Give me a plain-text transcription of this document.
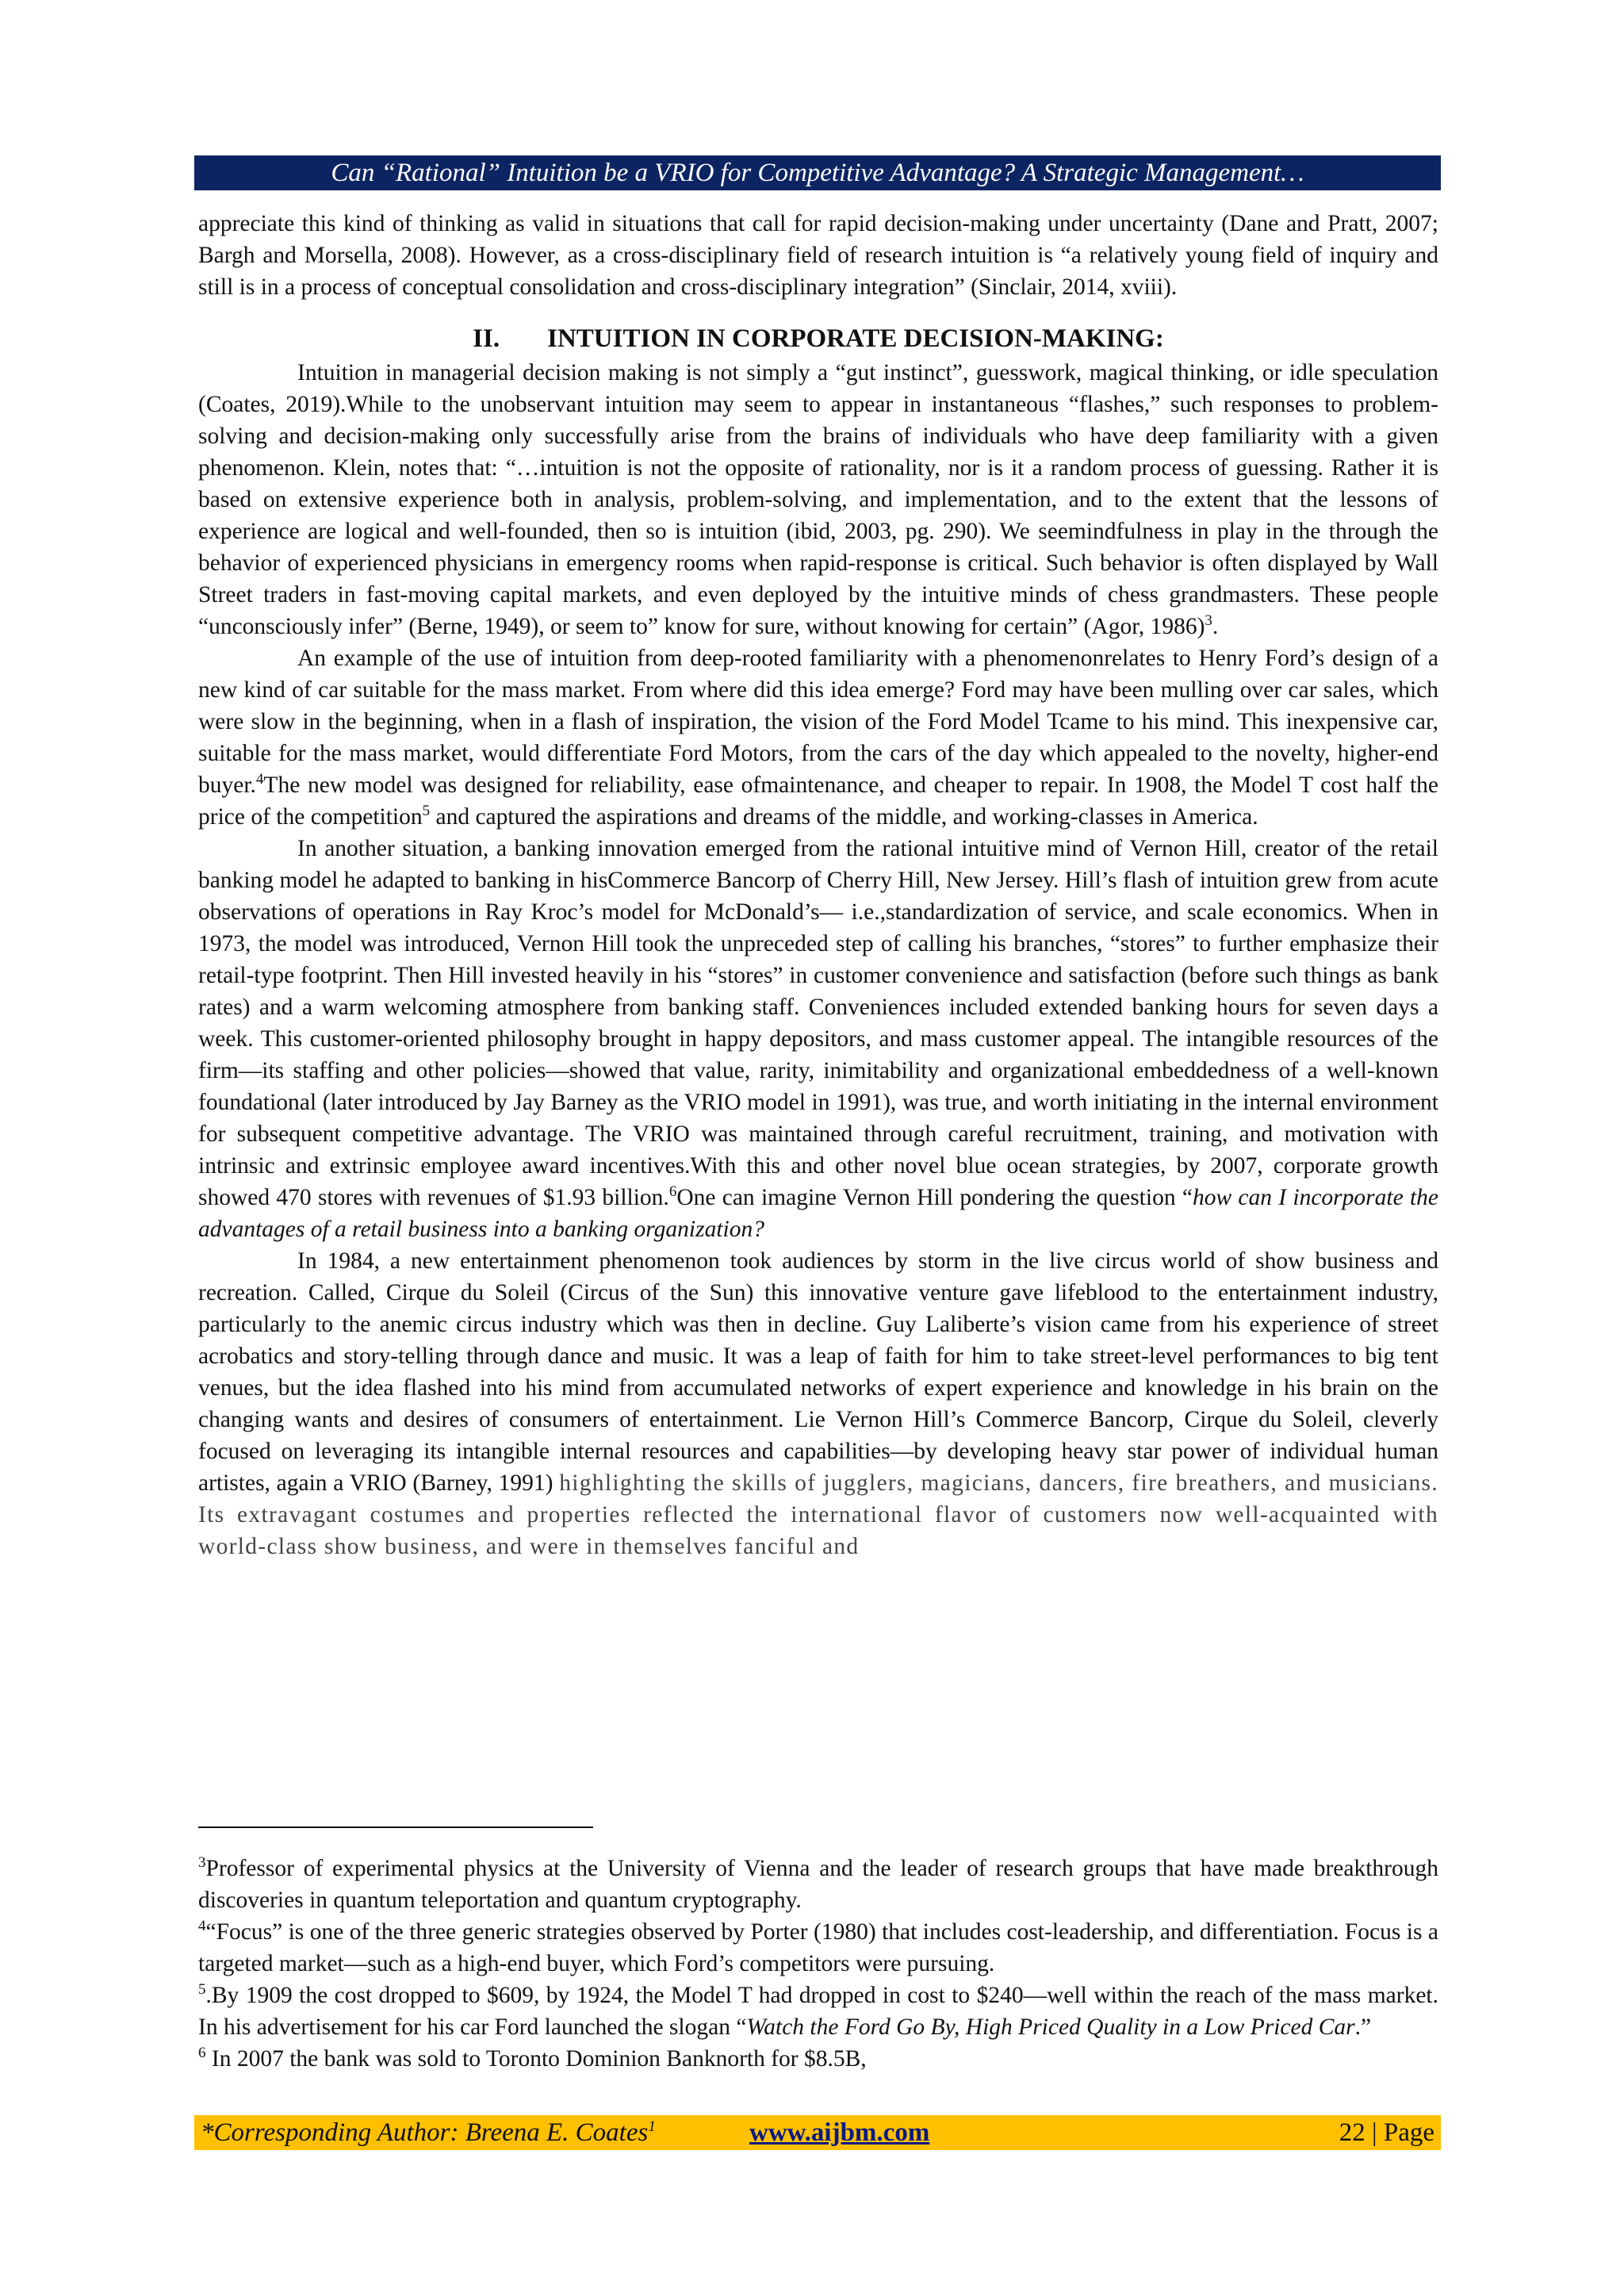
Can “Rational” Intuition be a VRIO for Competitive Advantage? A Strategic Management…

appreciate this kind of thinking as valid in situations that call for rapid decision-making under uncertainty (Dane and Pratt, 2007; Bargh and Morsella, 2008). However, as a cross-disciplinary field of research intuition is “a relatively young field of inquiry and still is in a process of conceptual consolidation and cross-disciplinary integration” (Sinclair, 2014, xviii).

II. INTUITION IN CORPORATE DECISION-MAKING:

Intuition in managerial decision making is not simply a “gut instinct”, guesswork, magical thinking, or idle speculation (Coates, 2019).While to the unobservant intuition may seem to appear in instantaneous “flashes,” such responses to problem-solving and decision-making only successfully arise from the brains of individuals who have deep familiarity with a given phenomenon. Klein, notes that: “…intuition is not the opposite of rationality, nor is it a random process of guessing. Rather it is based on extensive experience both in analysis, problem-solving, and implementation, and to the extent that the lessons of experience are logical and well-founded, then so is intuition (ibid, 2003, pg. 290). We seemindfulness in play in the through the behavior of experienced physicians in emergency rooms when rapid-response is critical. Such behavior is often displayed by Wall Street traders in fast-moving capital markets, and even deployed by the intuitive minds of chess grandmasters. These people “unconsciously infer” (Berne, 1949), or seem to” know for sure, without knowing for certain” (Agor, 1986)$^3$.

An example of the use of intuition from deep-rooted familiarity with a phenomenonrelates to Henry Ford’s design of a new kind of car suitable for the mass market. From where did this idea emerge? Ford may have been mulling over car sales, which were slow in the beginning, when in a flash of inspiration, the vision of the Ford Model Tcame to his mind. This inexpensive car, suitable for the mass market, would differentiate Ford Motors, from the cars of the day which appealed to the novelty, higher-end buyer.$^4$The new model was designed for reliability, ease ofmaintenance, and cheaper to repair. In 1908, the Model T cost half the price of the competition$^5$ and captured the aspirations and dreams of the middle, and working-classes in America.

In another situation, a banking innovation emerged from the rational intuitive mind of Vernon Hill, creator of the retail banking model he adapted to banking in hisCommerce Bancorp of Cherry Hill, New Jersey. Hill’s flash of intuition grew from acute observations of operations in Ray Kroc’s model for McDonald’s— i.e.,standardization of service, and scale economics. When in 1973, the model was introduced, Vernon Hill took the unpreceded step of calling his branches, “stores” to further emphasize their retail-type footprint. Then Hill invested heavily in his “stores” in customer convenience and satisfaction (before such things as bank rates) and a warm welcoming atmosphere from banking staff. Conveniences included extended banking hours for seven days a week. This customer-oriented philosophy brought in happy depositors, and mass customer appeal. The intangible resources of the firm—its staffing and other policies—showed that value, rarity, inimitability and organizational embeddedness of a well-known foundational (later introduced by Jay Barney as the VRIO model in 1991), was true, and worth initiating in the internal environment for subsequent competitive advantage. The VRIO was maintained through careful recruitment, training, and motivation with intrinsic and extrinsic employee award incentives.With this and other novel blue ocean strategies, by 2007, corporate growth showed 470 stores with revenues of $1.93 billion.$^6$One can imagine Vernon Hill pondering the question “how can I incorporate the advantages of a retail business into a banking organization?

In 1984, a new entertainment phenomenon took audiences by storm in the live circus world of show business and recreation. Called, Cirque du Soleil (Circus of the Sun) this innovative venture gave lifeblood to the entertainment industry, particularly to the anemic circus industry which was then in decline. Guy Laliberte’s vision came from his experience of street acrobatics and story-telling through dance and music. It was a leap of faith for him to take street-level performances to big tent venues, but the idea flashed into his mind from accumulated networks of expert experience and knowledge in his brain on the changing wants and desires of consumers of entertainment. Lie Vernon Hill’s Commerce Bancorp, Cirque du Soleil, cleverly focused on leveraging its intangible internal resources and capabilities—by developing heavy star power of individual human artistes, again a VRIO (Barney, 1991) highlighting the skills of jugglers, magicians, dancers, fire breathers, and musicians. Its extravagant costumes and properties reflected the international flavor of customers now well-acquainted with world-class show business, and were in themselves fanciful and

$^3$Professor of experimental physics at the University of Vienna and the leader of research groups that have made breakthrough discoveries in quantum teleportation and quantum cryptography.

$^4$“Focus” is one of the three generic strategies observed by Porter (1980) that includes cost-leadership, and differentiation. Focus is a targeted market—such as a high-end buyer, which Ford’s competitors were pursuing.

$^5$.By 1909 the cost dropped to $609, by 1924, the Model T had dropped in cost to $240—well within the reach of the mass market. In his advertisement for his car Ford launched the slogan “Watch the Ford Go By, High Priced Quality in a Low Priced Car.”

$^6$ In 2007 the bank was sold to Toronto Dominion Banknorth for $8.5B,

*Corresponding Author: Breena E. Coates$^1$	www.aijbm.com	22 | Page
